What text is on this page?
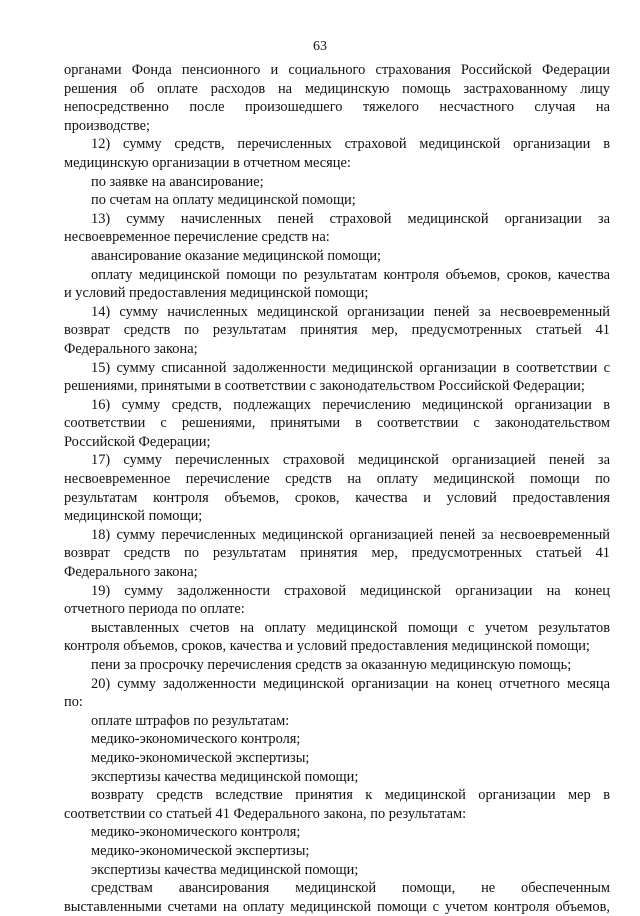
63

органами Фонда пенсионного и социального страхования Российской Федерации

решения об оплате расходов на медицинскую помощь застрахованному лицу

непосредственно после произошедшего тяжелого несчастного случая на

производстве;

12) сумму средств, перечисленных страховой медицинской организации в

медицинскую организации в отчетном месяце:

по заявке на авансирование;

по счетам на оплату медицинской помощи;

13) сумму начисленных пеней страховой медицинской организации за

несвоевременное перечисление средств на:

авансирование оказание медицинской помощи;

оплату медицинской помощи по результатам контроля объемов, сроков, качества

и условий предоставления медицинской помощи;

14) сумму начисленных медицинской организации пеней за несвоевременный

возврат средств по результатам принятия мер, предусмотренных статьей 41

Федерального закона;

15) сумму списанной задолженности медицинской организации в соответствии с

решениями, принятыми в соответствии с законодательством Российской Федерации;

16) сумму средств, подлежащих перечислению медицинской организации в

соответствии с решениями, принятыми в соответствии с законодательством

Российской Федерации;

17) сумму перечисленных страховой медицинской организацией пеней за

несвоевременное перечисление средств на оплату медицинской помощи по

результатам контроля объемов, сроков, качества и условий предоставления

медицинской помощи;

18) сумму перечисленных медицинской организацией пеней за несвоевременный

возврат средств по результатам принятия мер, предусмотренных статьей 41

Федерального закона;

19) сумму задолженности страховой медицинской организации на конец

отчетного периода по оплате:

выставленных счетов на оплату медицинской помощи с учетом результатов

контроля объемов, сроков, качества и условий предоставления медицинской помощи;

пени за просрочку перечисления средств за оказанную медицинскую помощь;

20) сумму задолженности медицинской организации на конец отчетного месяца

по:

оплате штрафов по результатам:

медико-экономического контроля;

медико-экономической экспертизы;

экспертизы качества медицинской помощи;

возврату средств вследствие принятия к медицинской организации мер в

соответствии со статьей 41 Федерального закона, по результатам:

медико-экономического контроля;

медико-экономической экспертизы;

экспертизы качества медицинской помощи;

средствам авансирования медицинской помощи, не обеспеченным

выставленными счетами на оплату медицинской помощи с учетом контроля объемов,
